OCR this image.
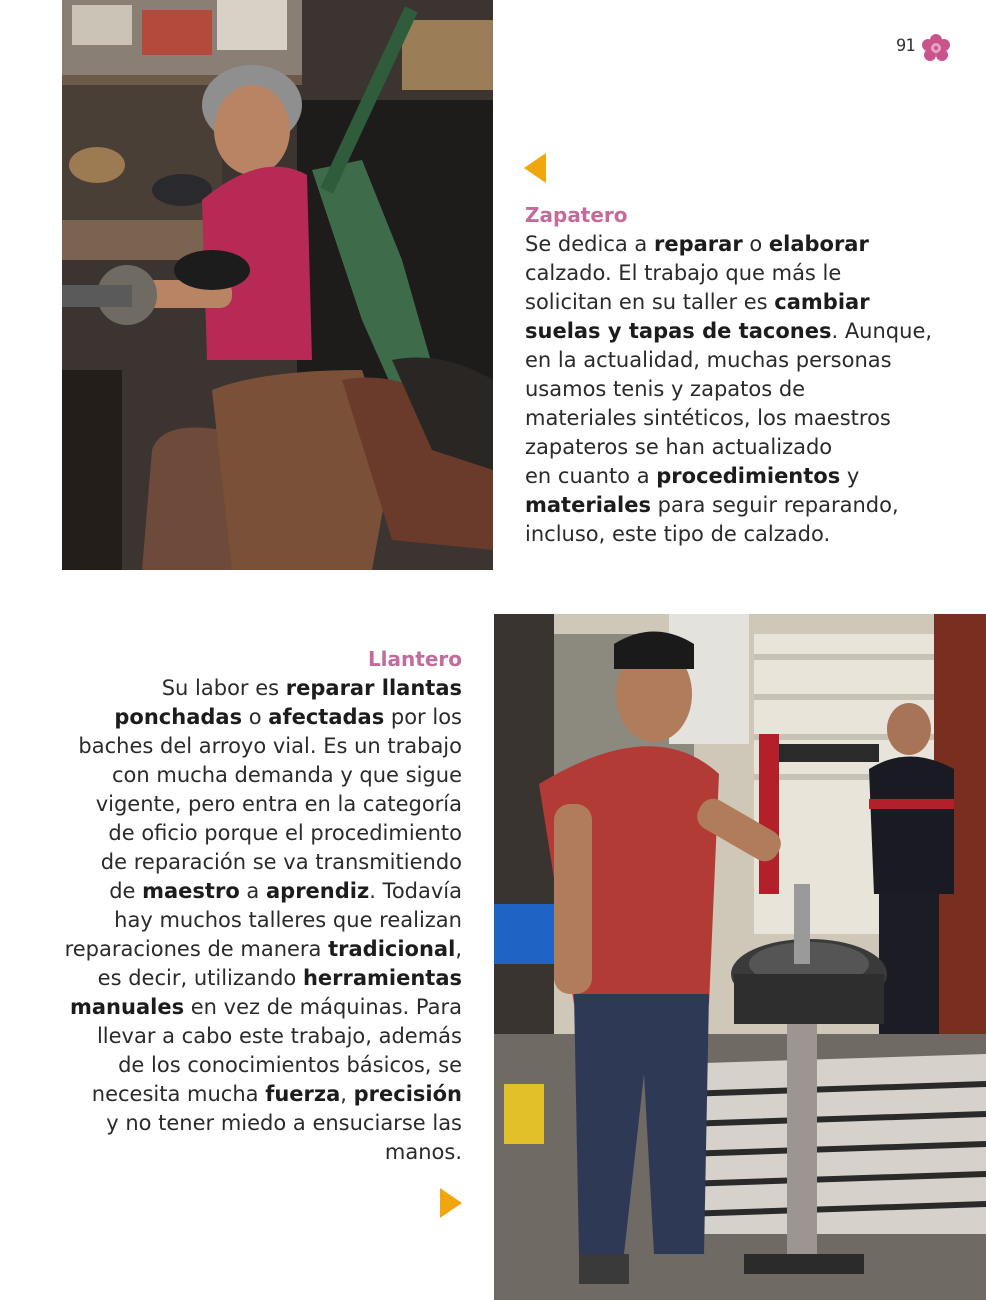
91
Zapatero
Se dedica a reparar o elaborar
calzado. El trabajo que más le
solicitan en su taller es cambiar
suelas y tapas de tacones. Aunque,
en la actualidad, muchas personas
usamos tenis y zapatos de
materiales sintéticos, los maestros
zapateros se han actualizado
en cuanto a procedimientos y
materiales para seguir reparando,
incluso, este tipo de calzado.
Llantero
Su labor es reparar llantas
ponchadas o afectadas por los
baches del arroyo vial. Es un trabajo
con mucha demanda y que sigue
vigente, pero entra en la categoría
de oficio porque el procedimiento
de reparación se va transmitiendo
de maestro a aprendiz. Todavía
hay muchos talleres que realizan
reparaciones de manera tradicional,
es decir, utilizando herramientas
manuales en vez de máquinas. Para
llevar a cabo este trabajo, además
de los conocimientos básicos, se
necesita mucha fuerza, precisión
y no tener miedo a ensuciarse las
manos.
